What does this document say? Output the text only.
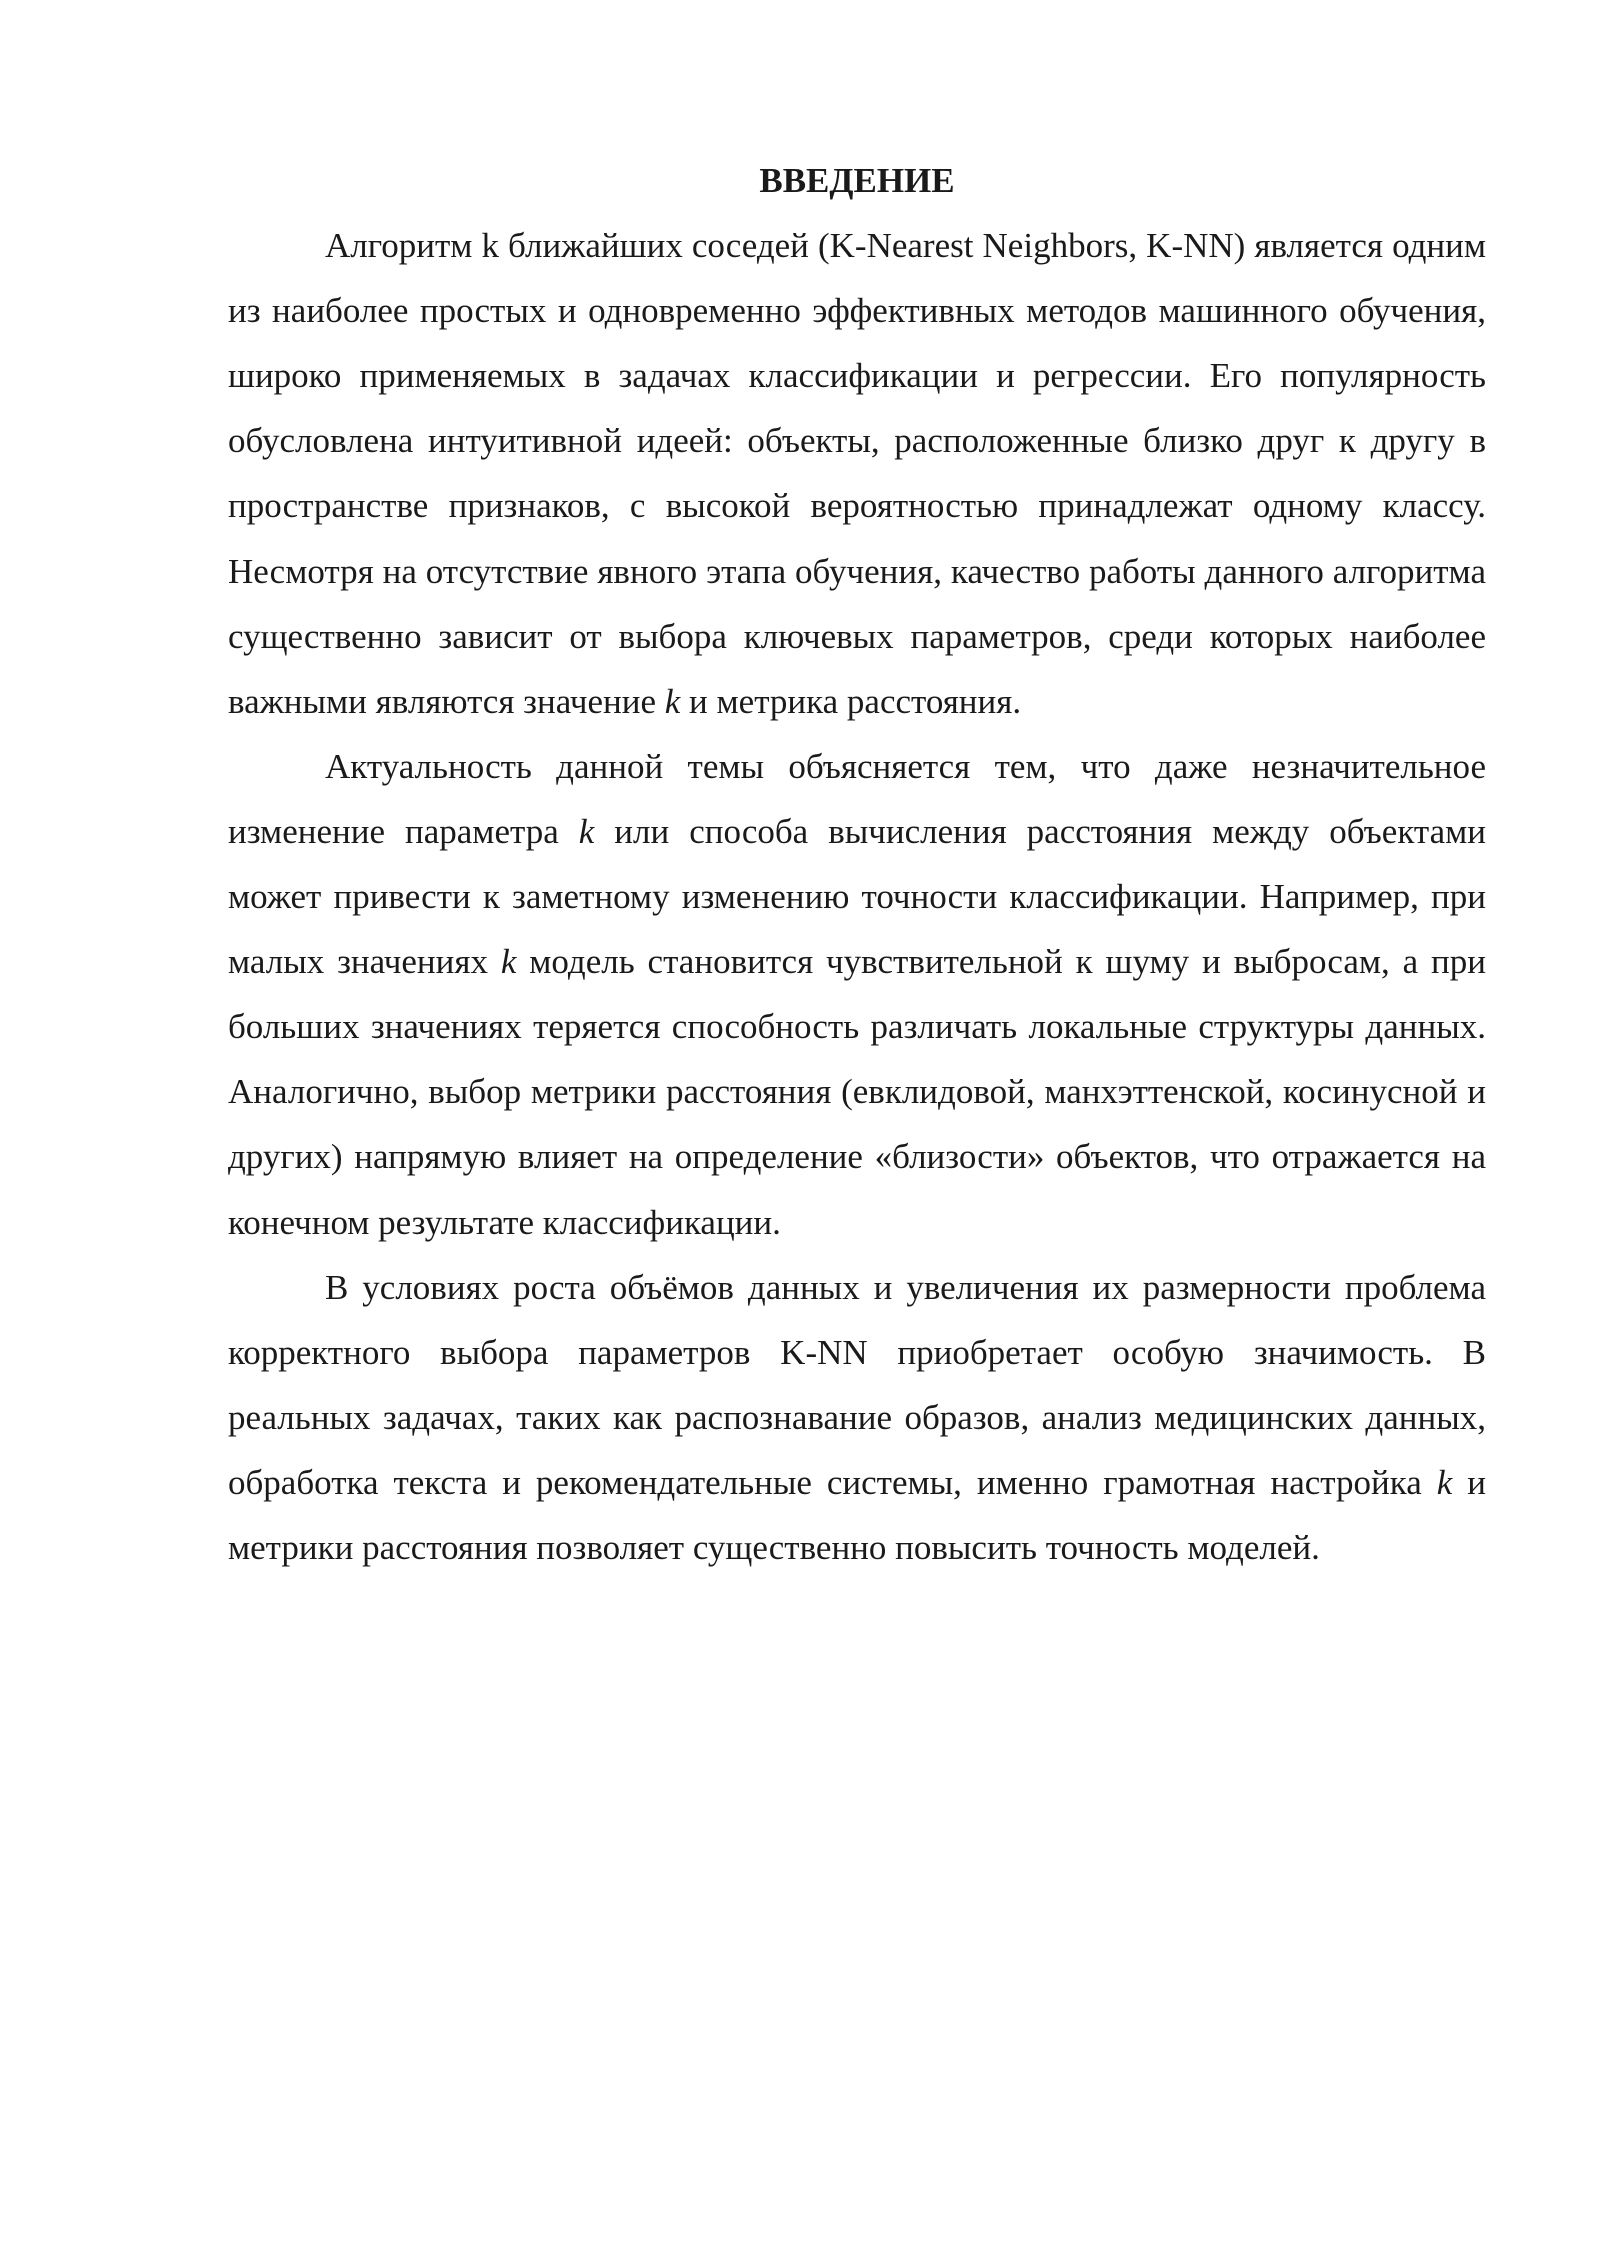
ВВЕДЕНИЕ

Алгоритм k ближайших соседей (K-Nearest Neighbors, K-NN) является одним из наиболее простых и одновременно эффективных методов машинного обучения, широко применяемых в задачах классификации и регрессии. Его популярность обусловлена интуитивной идеей: объекты, расположенные близко друг к другу в пространстве признаков, с высокой вероятностью принадлежат одному классу. Несмотря на отсутствие явного этапа обучения, качество работы данного алгоритма существенно зависит от выбора ключевых параметров, среди которых наиболее важными являются значение k и метрика расстояния.

Актуальность данной темы объясняется тем, что даже незначительное изменение параметра k или способа вычисления расстояния между объектами может привести к заметному изменению точности классификации. Например, при малых значениях k модель становится чувствительной к шуму и выбросам, а при больших значениях теряется способность различать локальные структуры данных. Аналогично, выбор метрики расстояния (евклидовой, манхэттенской, косинусной и других) напрямую влияет на определение «близости» объектов, что отражается на конечном результате классификации.

В условиях роста объёмов данных и увеличения их размерности проблема корректного выбора параметров K-NN приобретает особую значимость. В реальных задачах, таких как распознавание образов, анализ медицинских данных, обработка текста и рекомендательные системы, именно грамотная настройка k и метрики расстояния позволяет существенно повысить точность моделей.
